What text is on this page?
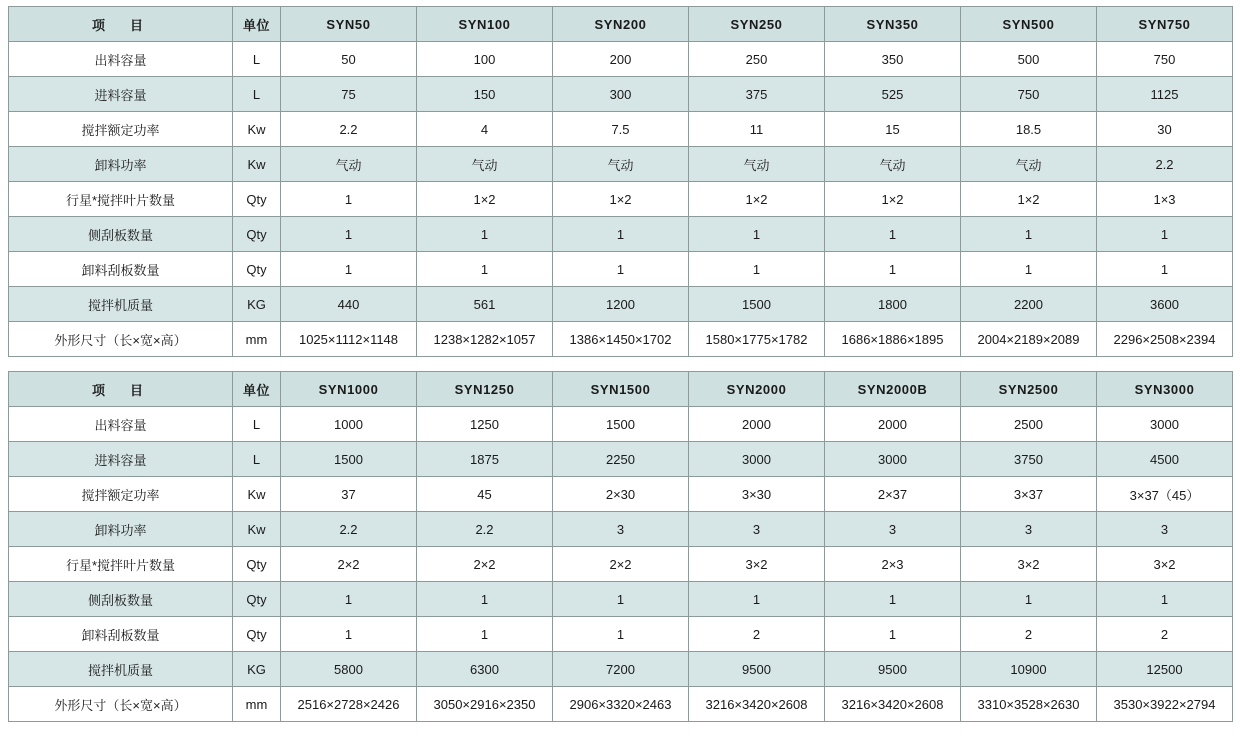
项　目	单位	SYN50	SYN100	SYN200	SYN250	SYN350	SYN500	SYN750
出料容量	L	50	100	200	250	350	500	750
进料容量	L	75	150	300	375	525	750	1125
搅拌额定功率	Kw	2.2	4	7.5	11	15	18.5	30
卸料功率	Kw	气动	气动	气动	气动	气动	气动	2.2
行星*搅拌叶片数量	Qty	1	1×2	1×2	1×2	1×2	1×2	1×3
侧刮板数量	Qty	1	1	1	1	1	1	1
卸料刮板数量	Qty	1	1	1	1	1	1	1
搅拌机质量	KG	440	561	1200	1500	1800	2200	3600
外形尺寸（长×宽×高）	mm	1025×1112×1148	1238×1282×1057	1386×1450×1702	1580×1775×1782	1686×1886×1895	2004×2189×2089	2296×2508×2394
项　目	单位	SYN1000	SYN1250	SYN1500	SYN2000	SYN2000B	SYN2500	SYN3000
出料容量	L	1000	1250	1500	2000	2000	2500	3000
进料容量	L	1500	1875	2250	3000	3000	3750	4500
搅拌额定功率	Kw	37	45	2×30	3×30	2×37	3×37	3×37（45）
卸料功率	Kw	2.2	2.2	3	3	3	3	3
行星*搅拌叶片数量	Qty	2×2	2×2	2×2	3×2	2×3	3×2	3×2
侧刮板数量	Qty	1	1	1	1	1	1	1
卸料刮板数量	Qty	1	1	1	2	1	2	2
搅拌机质量	KG	5800	6300	7200	9500	9500	10900	12500
外形尺寸（长×宽×高）	mm	2516×2728×2426	3050×2916×2350	2906×3320×2463	3216×3420×2608	3216×3420×2608	3310×3528×2630	3530×3922×2794
